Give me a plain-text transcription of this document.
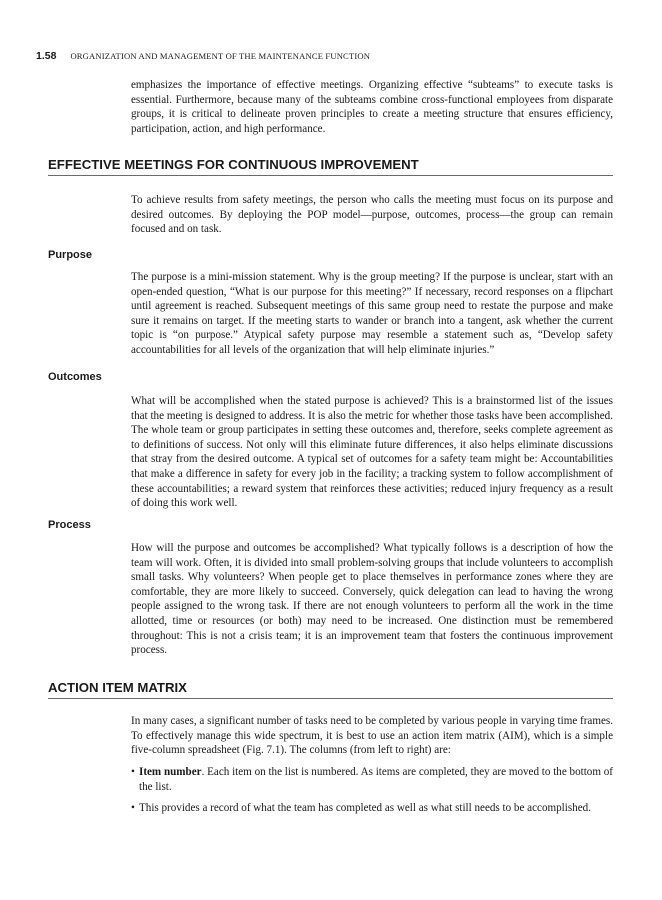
1.58 ORGANIZATION AND MANAGEMENT OF THE MAINTENANCE FUNCTION

emphasizes the importance of effective meetings. Organizing effective “subteams” to execute tasks is essential. Furthermore, because many of the subteams combine cross-functional employees from disparate groups, it is critical to delineate proven principles to create a meeting structure that ensures efficiency, participation, action, and high performance.

EFFECTIVE MEETINGS FOR CONTINUOUS IMPROVEMENT

To achieve results from safety meetings, the person who calls the meeting must focus on its purpose and desired outcomes. By deploying the POP model—purpose, outcomes, process—the group can remain focused and on task.

Purpose

The purpose is a mini-mission statement. Why is the group meeting? If the purpose is unclear, start with an open-ended question, “What is our purpose for this meeting?” If necessary, record responses on a flipchart until agreement is reached. Subsequent meetings of this same group need to restate the purpose and make sure it remains on target. If the meeting starts to wander or branch into a tangent, ask whether the current topic is “on purpose.” Atypical safety purpose may resemble a statement such as, “Develop safety accountabilities for all levels of the organization that will help eliminate injuries.”

Outcomes

What will be accomplished when the stated purpose is achieved? This is a brainstormed list of the issues that the meeting is designed to address. It is also the metric for whether those tasks have been accomplished. The whole team or group participates in setting these outcomes and, therefore, seeks complete agreement as to definitions of success. Not only will this eliminate future differences, it also helps eliminate discussions that stray from the desired outcome. A typical set of outcomes for a safety team might be: Accountabilities that make a difference in safety for every job in the facility; a tracking system to follow accomplishment of these accountabilities; a reward system that reinforces these activities; reduced injury frequency as a result of doing this work well.

Process

How will the purpose and outcomes be accomplished? What typically follows is a description of how the team will work. Often, it is divided into small problem-solving groups that include volunteers to accomplish small tasks. Why volunteers? When people get to place themselves in performance zones where they are comfortable, they are more likely to succeed. Conversely, quick delegation can lead to having the wrong people assigned to the wrong task. If there are not enough volunteers to perform all the work in the time allotted, time or resources (or both) may need to be increased. One distinction must be remembered throughout: This is not a crisis team; it is an improvement team that fosters the continuous improvement process.

ACTION ITEM MATRIX

In many cases, a significant number of tasks need to be completed by various people in varying time frames. To effectively manage this wide spectrum, it is best to use an action item matrix (AIM), which is a simple five-column spreadsheet (Fig. 7.1). The columns (from left to right) are:

• Item number. Each item on the list is numbered. As items are completed, they are moved to the bottom of the list.
• This provides a record of what the team has completed as well as what still needs to be accomplished.
